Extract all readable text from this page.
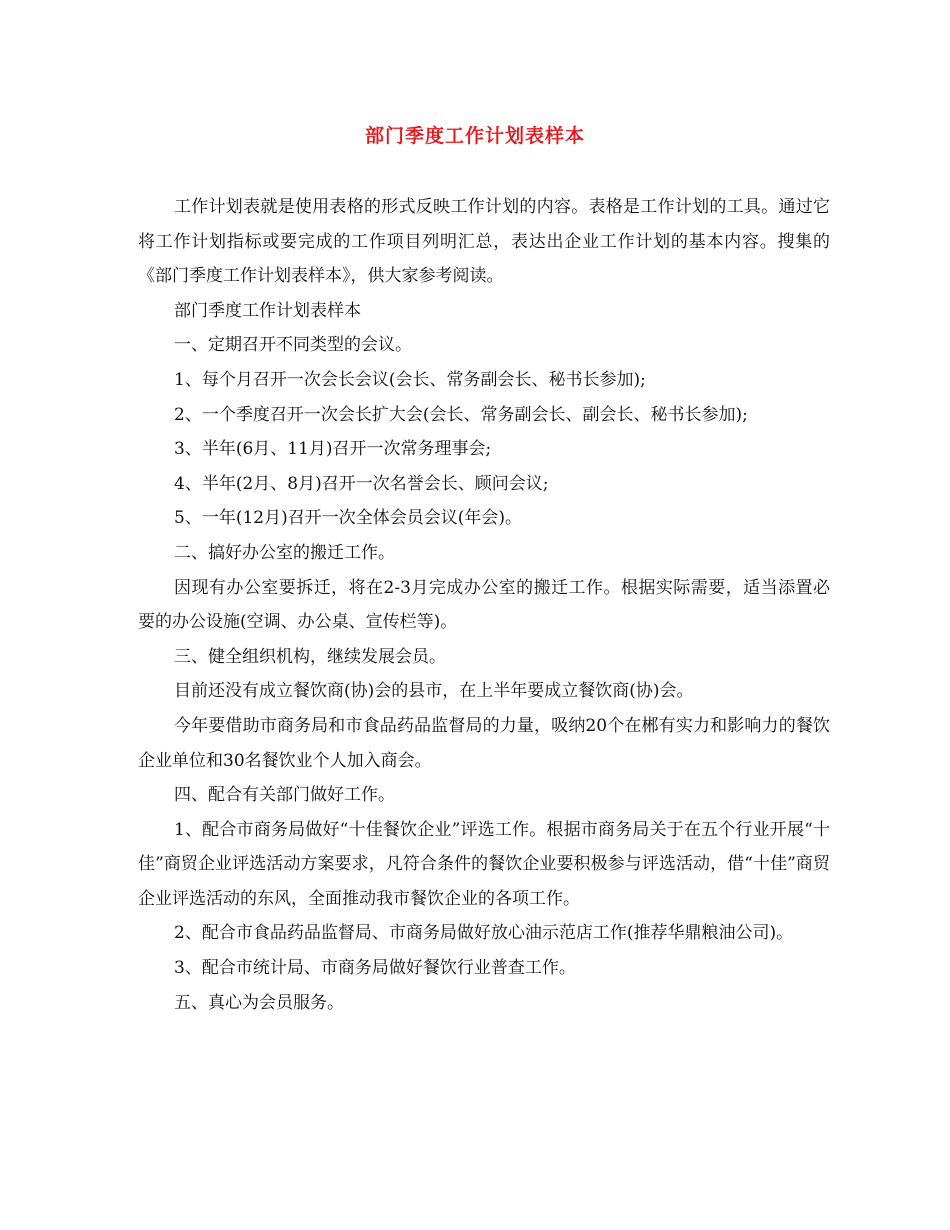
部门季度工作计划表样本

工作计划表就是使用表格的形式反映工作计划的内容。表格是工作计划的工具。通过它将工作计划指标或要完成的工作项目列明汇总，表达出企业工作计划的基本内容。搜集的《部门季度工作计划表样本》，供大家参考阅读。

部门季度工作计划表样本

一、定期召开不同类型的会议。

1、每个月召开一次会长会议(会长、常务副会长、秘书长参加);

2、一个季度召开一次会长扩大会(会长、常务副会长、副会长、秘书长参加);

3、半年(6月、11月)召开一次常务理事会;

4、半年(2月、8月)召开一次名誉会长、顾问会议;

5、一年(12月)召开一次全体会员会议(年会)。

二、搞好办公室的搬迁工作。

因现有办公室要拆迁，将在2-3月完成办公室的搬迁工作。根据实际需要，适当添置必要的办公设施(空调、办公桌、宣传栏等)。

三、健全组织机构，继续发展会员。

目前还没有成立餐饮商(协)会的县市，在上半年要成立餐饮商(协)会。

今年要借助市商务局和市食品药品监督局的力量，吸纳20个在郴有实力和影响力的餐饮企业单位和30名餐饮业个人加入商会。

四、配合有关部门做好工作。

1、配合市商务局做好“十佳餐饮企业”评选工作。根据市商务局关于在五个行业开展“十佳”商贸企业评选活动方案要求，凡符合条件的餐饮企业要积极参与评选活动，借“十佳”商贸企业评选活动的东风，全面推动我市餐饮企业的各项工作。

2、配合市食品药品监督局、市商务局做好放心油示范店工作(推荐华鼎粮油公司)。

3、配合市统计局、市商务局做好餐饮行业普查工作。

五、真心为会员服务。
